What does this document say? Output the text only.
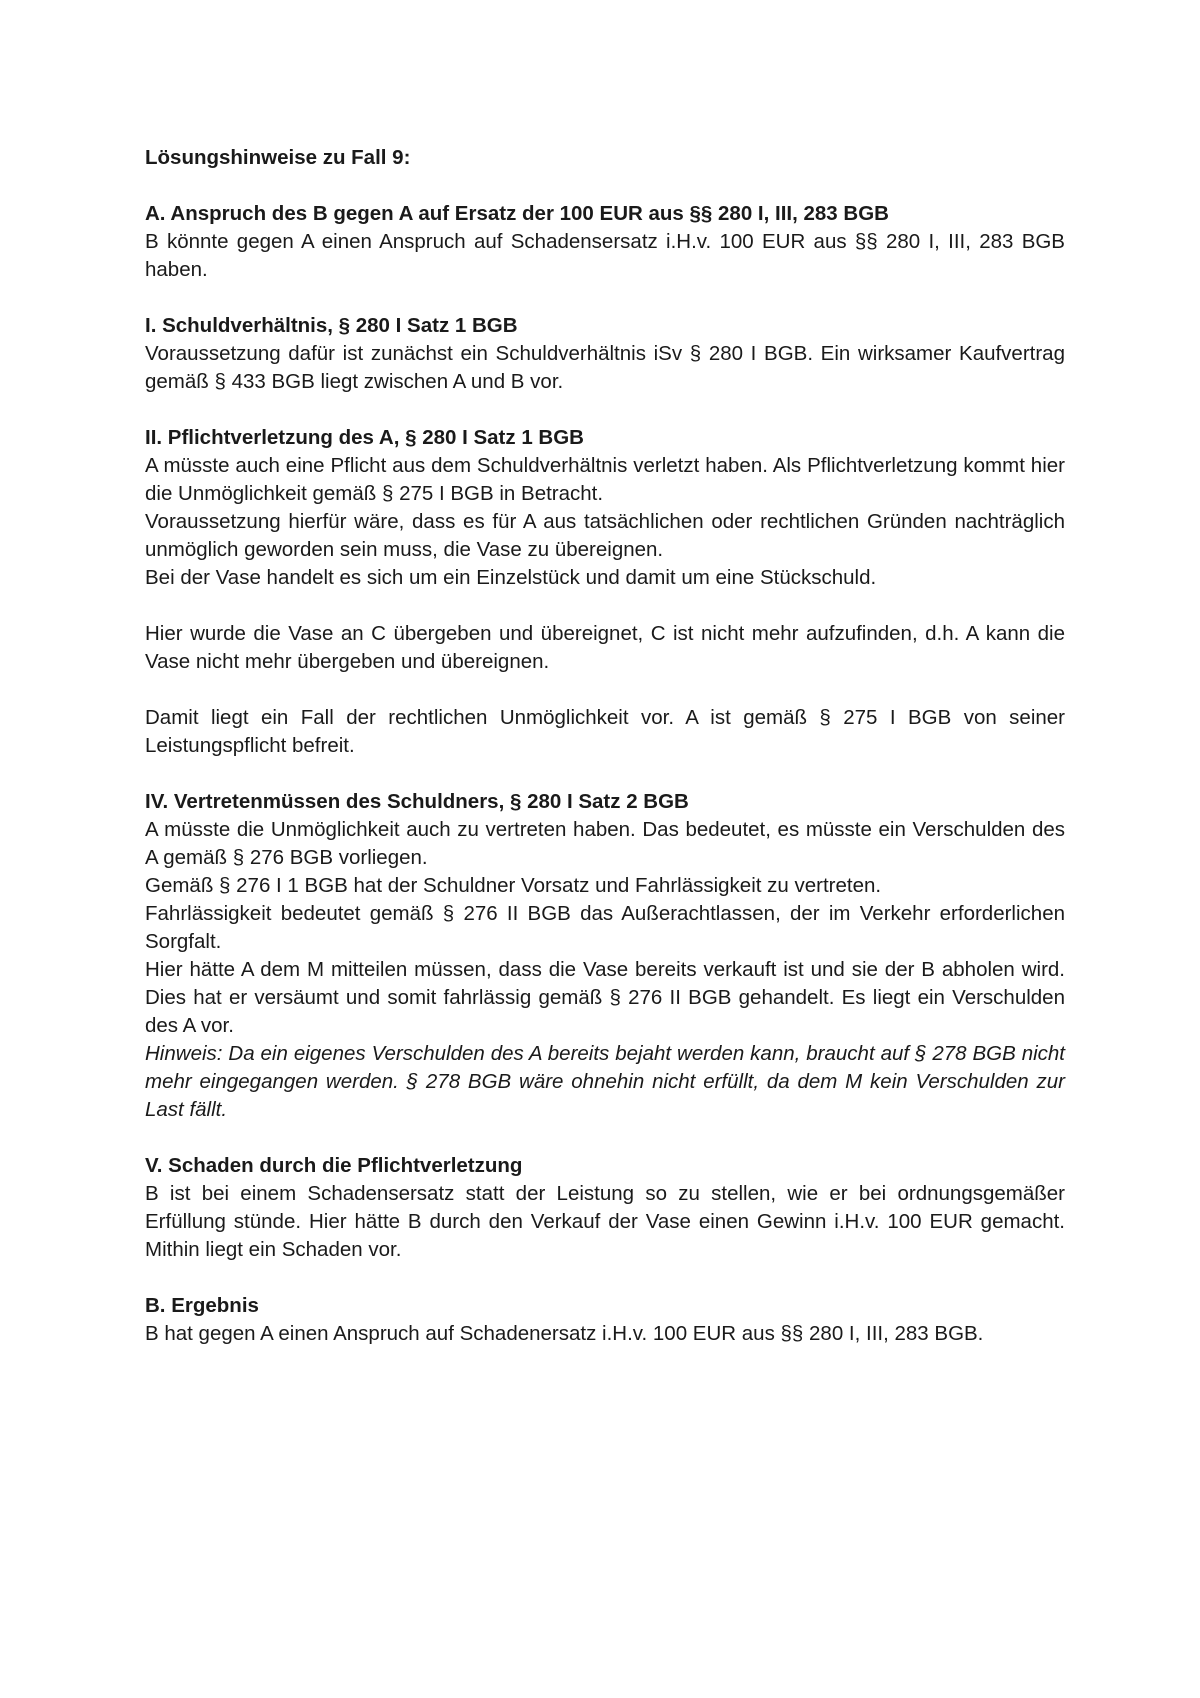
Lösungshinweise zu Fall 9:

A. Anspruch des B gegen A auf Ersatz der 100 EUR aus §§ 280 I, III, 283 BGB

B könnte gegen A einen Anspruch auf Schadensersatz i.H.v. 100 EUR aus §§ 280 I, III, 283 BGB haben.

I. Schuldverhältnis, § 280 I Satz 1 BGB

Voraussetzung dafür ist zunächst ein Schuldverhältnis iSv § 280 I BGB. Ein wirksamer Kaufvertrag gemäß § 433 BGB liegt zwischen A und B vor.

II. Pflichtverletzung des A, § 280 I Satz 1 BGB

A müsste auch eine Pflicht aus dem Schuldverhältnis verletzt haben. Als Pflichtverletzung kommt hier die Unmöglichkeit gemäß § 275 I BGB in Betracht.

Voraussetzung hierfür wäre, dass es für A aus tatsächlichen oder rechtlichen Gründen nachträglich unmöglich geworden sein muss, die Vase zu übereignen.

Bei der Vase handelt es sich um ein Einzelstück und damit um eine Stückschuld.

Hier wurde die Vase an C übergeben und übereignet, C ist nicht mehr aufzufinden, d.h. A kann die Vase nicht mehr übergeben und übereignen.

Damit liegt ein Fall der rechtlichen Unmöglichkeit vor. A ist gemäß § 275 I BGB von seiner Leistungspflicht befreit.

IV. Vertretenmüssen des Schuldners, § 280 I Satz 2 BGB

A müsste die Unmöglichkeit auch zu vertreten haben. Das bedeutet, es müsste ein Verschulden des A gemäß § 276 BGB vorliegen.

Gemäß § 276 I 1 BGB hat der Schuldner Vorsatz und Fahrlässigkeit zu vertreten.

Fahrlässigkeit bedeutet gemäß § 276 II BGB das Außerachtlassen, der im Verkehr erforderlichen Sorgfalt.

Hier hätte A dem M mitteilen müssen, dass die Vase bereits verkauft ist und sie der B abholen wird. Dies hat er versäumt und somit fahrlässig gemäß § 276 II BGB gehandelt. Es liegt ein Verschulden des A vor.

Hinweis: Da ein eigenes Verschulden des A bereits bejaht werden kann, braucht auf § 278 BGB nicht mehr eingegangen werden. § 278 BGB wäre ohnehin nicht erfüllt, da dem M kein Verschulden zur Last fällt.

V. Schaden durch die Pflichtverletzung

B ist bei einem Schadensersatz statt der Leistung so zu stellen, wie er bei ordnungsgemäßer Erfüllung stünde. Hier hätte B durch den Verkauf der Vase einen Gewinn i.H.v. 100 EUR gemacht. Mithin liegt ein Schaden vor.

B. Ergebnis

B hat gegen A einen Anspruch auf Schadenersatz i.H.v. 100 EUR aus §§ 280 I, III, 283 BGB.
